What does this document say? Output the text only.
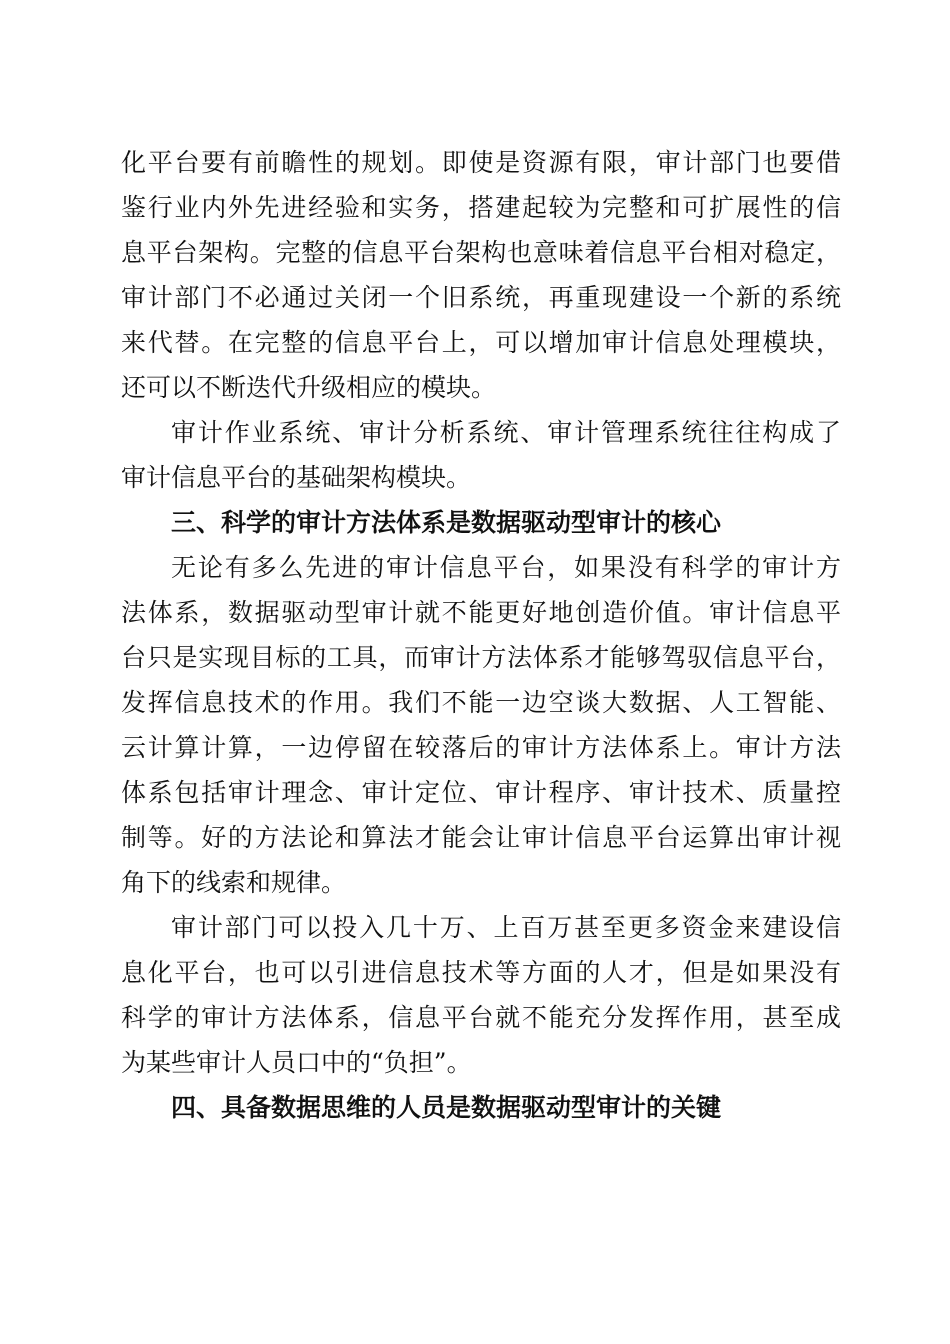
化平台要有前瞻性的规划。即使是资源有限，审计部门也要借
鉴行业内外先进经验和实务，搭建起较为完整和可扩展性的信
息平台架构。完整的信息平台架构也意味着信息平台相对稳定，
审计部门不必通过关闭一个旧系统，再重现建设一个新的系统
来代替。在完整的信息平台上，可以增加审计信息处理模块，
还可以不断迭代升级相应的模块。
审计作业系统、审计分析系统、审计管理系统往往构成了
审计信息平台的基础架构模块。
三、科学的审计方法体系是数据驱动型审计的核心
无论有多么先进的审计信息平台，如果没有科学的审计方
法体系，数据驱动型审计就不能更好地创造价值。审计信息平
台只是实现目标的工具，而审计方法体系才能够驾驭信息平台，
发挥信息技术的作用。我们不能一边空谈大数据、人工智能、
云计算计算，一边停留在较落后的审计方法体系上。审计方法
体系包括审计理念、审计定位、审计程序、审计技术、质量控
制等。好的方法论和算法才能会让审计信息平台运算出审计视
角下的线索和规律。
审计部门可以投入几十万、上百万甚至更多资金来建设信
息化平台，也可以引进信息技术等方面的人才，但是如果没有
科学的审计方法体系，信息平台就不能充分发挥作用，甚至成
为某些审计人员口中的“负担”。
四、具备数据思维的人员是数据驱动型审计的关键
